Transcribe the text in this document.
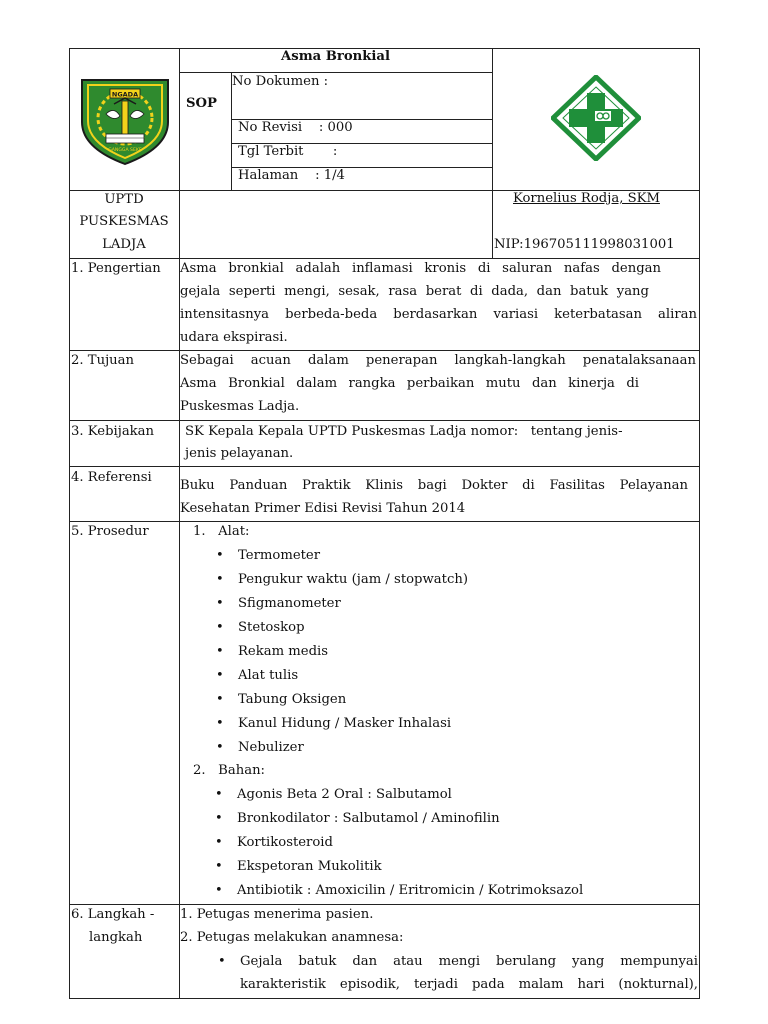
NGADA
GANGGA SEKE
Asma Bronkial
SOP
No Dokumen :
No Revisi    : 000
Tgl Terbit       :
Halaman    : 1/4
UPTD
PUSKESMAS
LADJA
Kornelius Rodja, SKM
NIP:196705111998031001
1. Pengertian Asma bronkial adalah inflamasi kronis di saluran nafas dengan
gejala seperti mengi, sesak, rasa berat di dada, dan batuk yang
intensitasnya berbeda-beda berdasarkan variasi keterbatasan aliran
udara ekspirasi.
2. Tujuan	Sebagai acuan dalam penerapan langkah-langkah penatalaksanaan
Asma Bronkial dalam rangka perbaikan mutu dan kinerja di
Puskesmas Ladja.
3. Kebijakan SK Kepala Kepala UPTD Puskesmas Ladja nomor:   tentang jenis-
jenis pelayanan.
4. Referensi
Buku Panduan Praktik Klinis bagi Dokter di Fasilitas Pelayanan
Kesehatan Primer Edisi Revisi Tahun 2014
5. Prosedur	1.   Alat:
• Termometer
• Pengukur waktu (jam / stopwatch)
• Sfigmanometer
• Stetoskop
• Rekam medis
• Alat tulis
• Tabung Oksigen
• Kanul Hidung / Masker Inhalasi
• Nebulizer
2.   Bahan:
• Agonis Beta 2 Oral : Salbutamol
• Bronkodilator : Salbutamol / Aminofilin
• Kortikosteroid
• Ekspetoran Mukolitik
• Antibiotik : Amoxicilin / Eritromicin / Kotrimoksazol
6. Langkah -
langkah
1. Petugas menerima pasien.
2. Petugas melakukan anamnesa:
• Gejala batuk dan atau mengi berulang yang mempunyai
karakteristik episodik, terjadi pada malam hari (nokturnal),
